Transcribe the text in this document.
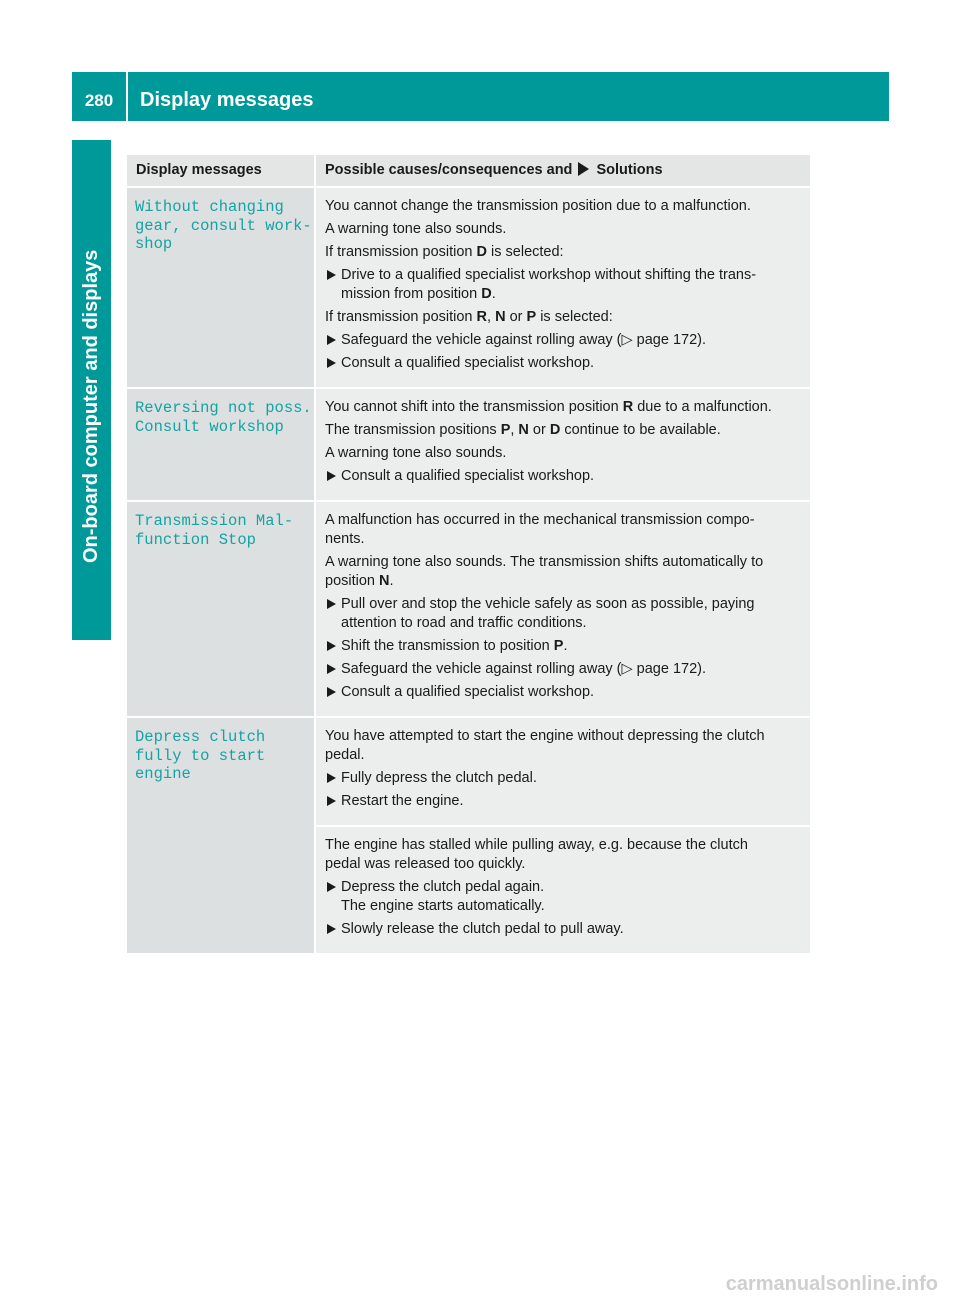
280	Display messages
On-board computer and displays
Display messages	Possible causes/consequences and Solutions
Without changing
gear, consult work‐
shop
You cannot change the transmission position due to a malfunction.
A warning tone also sounds.
If transmission position D is selected:
Drive to a qualified specialist workshop without shifting the trans‐
mission from position D.
If transmission position R, N or P is selected:
Safeguard the vehicle against rolling away (▷ page 172).
Consult a qualified specialist workshop.
Reversing not poss.
Consult workshop
You cannot shift into the transmission position R due to a malfunction.
The transmission positions P, N or D continue to be available.
A warning tone also sounds.
Consult a qualified specialist workshop.
Transmission Mal‐
function Stop
A malfunction has occurred in the mechanical transmission compo‐
nents.
A warning tone also sounds. The transmission shifts automatically to
position N.
Pull over and stop the vehicle safely as soon as possible, paying
attention to road and traffic conditions.
Shift the transmission to position P.
Safeguard the vehicle against rolling away (▷ page 172).
Consult a qualified specialist workshop.
Depress clutch
fully to start
engine
You have attempted to start the engine without depressing the clutch
pedal.
Fully depress the clutch pedal.
Restart the engine.
The engine has stalled while pulling away, e.g. because the clutch
pedal was released too quickly.
Depress the clutch pedal again.
The engine starts automatically.
Slowly release the clutch pedal to pull away.
carmanualsonline.info
